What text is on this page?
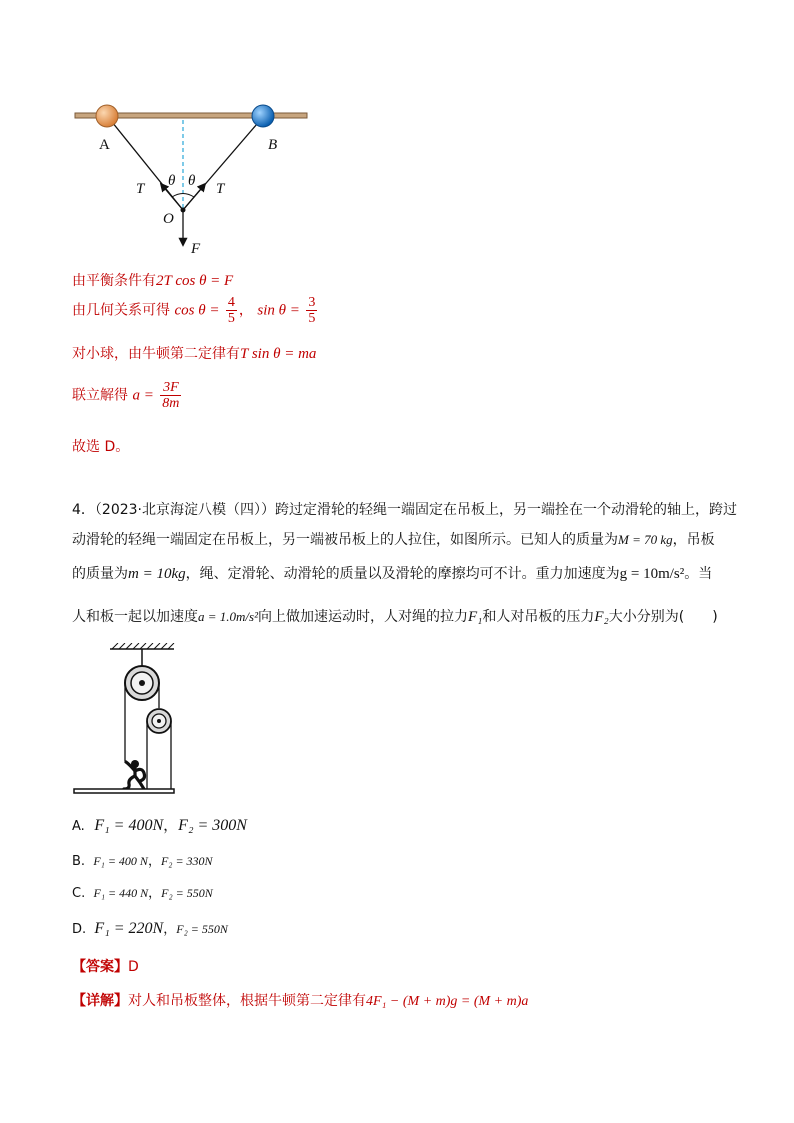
A	B
T	T
θ θ
O
F
由平衡条件有2T cos θ = F
由几何关系可得 $\cos \theta = \frac{4}{5}$ ， $\sin \theta = \frac{3}{5}$
对小球，由牛顿第二定律有T sin θ = ma
联立解得 $a = \frac{3F}{8m}$
故选 D。
4．（2023·北京海淀八模（四））跨过定滑轮的轻绳一端固定在吊板上，另一端拴在一个动滑轮的轴上，跨过
动滑轮的轻绳一端固定在吊板上，另一端被吊板上的人拉住，如图所示。已知人的质量为M = 70 kg，吊板
的质量为m = 10kg，绳、定滑轮、动滑轮的质量以及滑轮的摩擦均可不计。重力加速度为g = 10m/s²。当
人和板一起以加速度a = 1.0m/s²向上做加速运动时，人对绳的拉力F₁和人对吊板的压力F₂大小分别为(　　)
A. F₁ = 400N，F₂ = 300N
B. F₁ = 400 N，F₂ = 330N
C. F₁ = 440 N，F₂ = 550N
D. F₁ = 220N，F₂ = 550N
【答案】D
【详解】对人和吊板整体，根据牛顿第二定律有4F₁ − (M + m)g = (M + m)a
